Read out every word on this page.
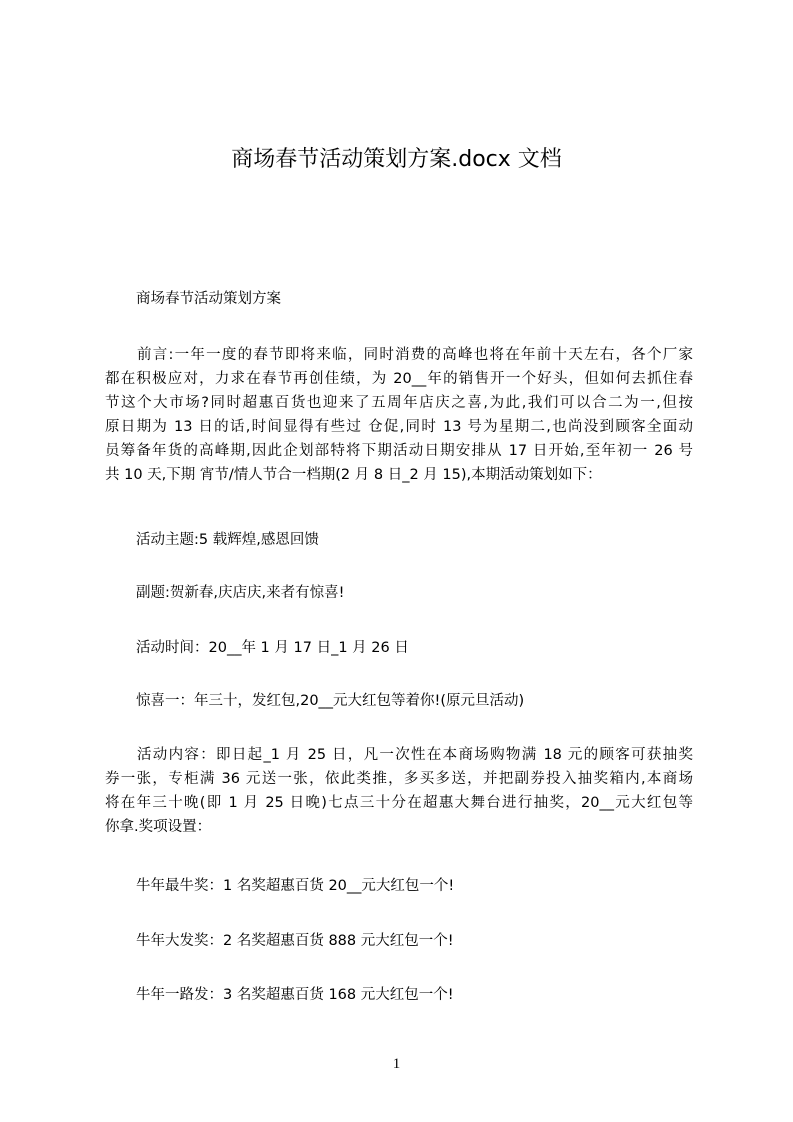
商场春节活动策划方案.docx 文档
商场春节活动策划方案
前言:一年一度的春节即将来临，同时消费的高峰也将在年前十天左右，各个厂家
都在积极应对，力求在春节再创佳绩，为 20__年的销售开一个好头，但如何去抓住春
节这个大市场?同时超惠百货也迎来了五周年店庆之喜,为此,我们可以合二为一,但按
原日期为 13 日的话,时间显得有些过 仓促,同时 13 号为星期二,也尚没到顾客全面动
员筹备年货的高峰期,因此企划部特将下期活动日期安排从 17 日开始,至年初一 26 号
共 10 天,下期 宵节/情人节合一档期(2 月 8 日_2 月 15),本期活动策划如下：
活动主题:5 载辉煌,感恩回馈
副题:贺新春,庆店庆,来者有惊喜!
活动时间：20__年 1 月 17 日_1 月 26 日
惊喜一：年三十，发红包,20__元大红包等着你!(原元旦活动)
活动内容：即日起_1 月 25 日，凡一次性在本商场购物满 18 元的顾客可获抽奖
券一张，专柜满 36 元送一张，依此类推，多买多送，并把副券投入抽奖箱内,本商场
将在年三十晚(即 1 月 25 日晚)七点三十分在超惠大舞台进行抽奖，20__元大红包等
你拿.奖项设置：
牛年最牛奖：1 名奖超惠百货 20__元大红包一个!
牛年大发奖：2 名奖超惠百货 888 元大红包一个!
牛年一路发：3 名奖超惠百货 168 元大红包一个!
1
